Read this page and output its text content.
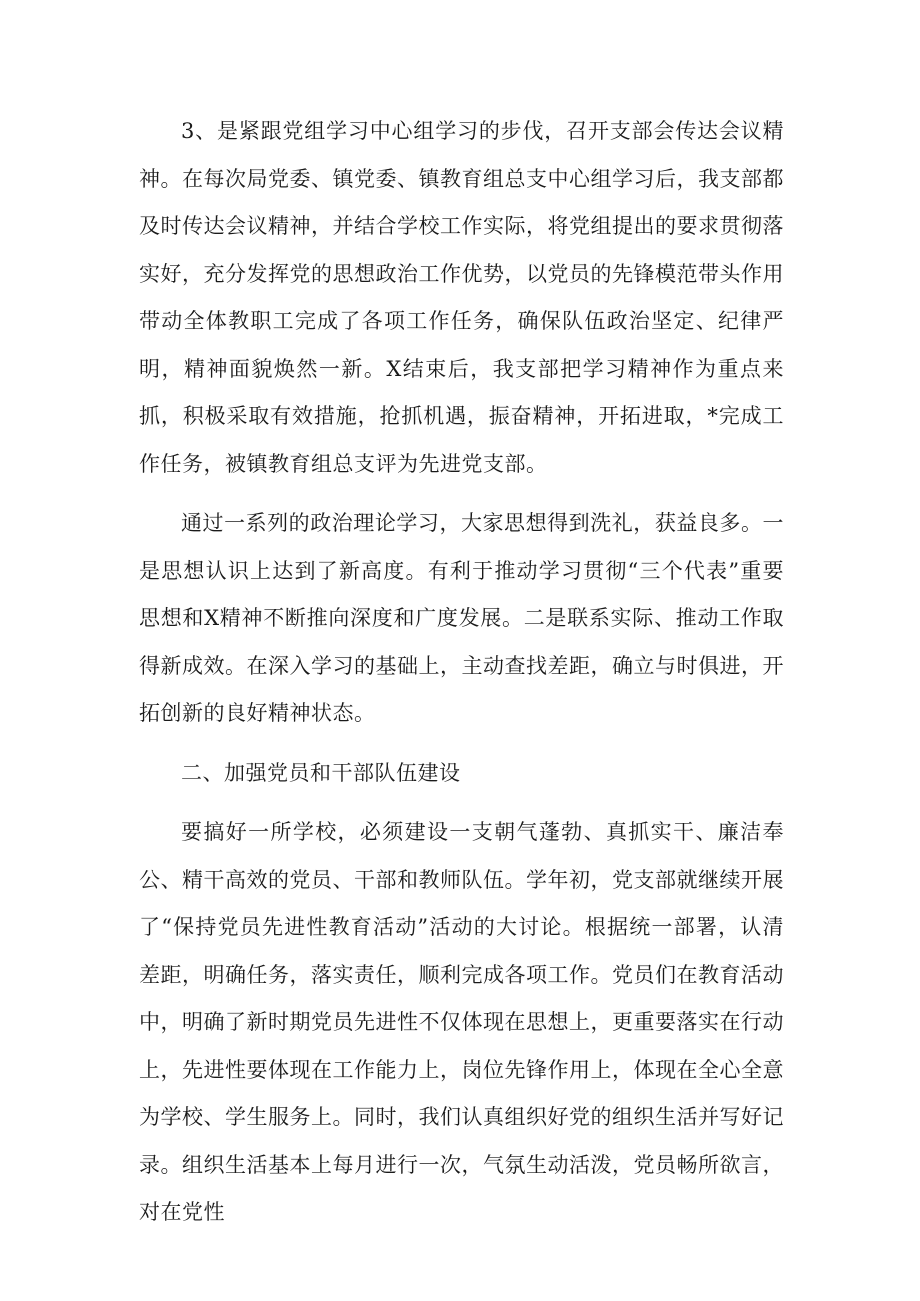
3、是紧跟党组学习中心组学习的步伐，召开支部会传达会议精神。在每次局党委、镇党委、镇教育组总支中心组学习后，我支部都及时传达会议精神，并结合学校工作实际，将党组提出的要求贯彻落实好，充分发挥党的思想政治工作优势，以党员的先锋模范带头作用带动全体教职工完成了各项工作任务，确保队伍政治坚定、纪律严明，精神面貌焕然一新。X结束后，我支部把学习精神作为重点来抓，积极采取有效措施，抢抓机遇，振奋精神，开拓进取，*完成工作任务，被镇教育组总支评为先进党支部。

通过一系列的政治理论学习，大家思想得到洗礼，获益良多。一是思想认识上达到了新高度。有利于推动学习贯彻“三个代表”重要思想和X精神不断推向深度和广度发展。二是联系实际、推动工作取得新成效。在深入学习的基础上，主动查找差距，确立与时俱进，开拓创新的良好精神状态。

二、加强党员和干部队伍建设

要搞好一所学校，必须建设一支朝气蓬勃、真抓实干、廉洁奉公、精干高效的党员、干部和教师队伍。学年初，党支部就继续开展了“保持党员先进性教育活动”活动的大讨论。根据统一部署，认清差距，明确任务，落实责任，顺利完成各项工作。党员们在教育活动中，明确了新时期党员先进性不仅体现在思想上，更重要落实在行动上，先进性要体现在工作能力上，岗位先锋作用上，体现在全心全意为学校、学生服务上。同时，我们认真组织好党的组织生活并写好记录。组织生活基本上每月进行一次，气氛生动活泼，党员畅所欲言，对在党性
